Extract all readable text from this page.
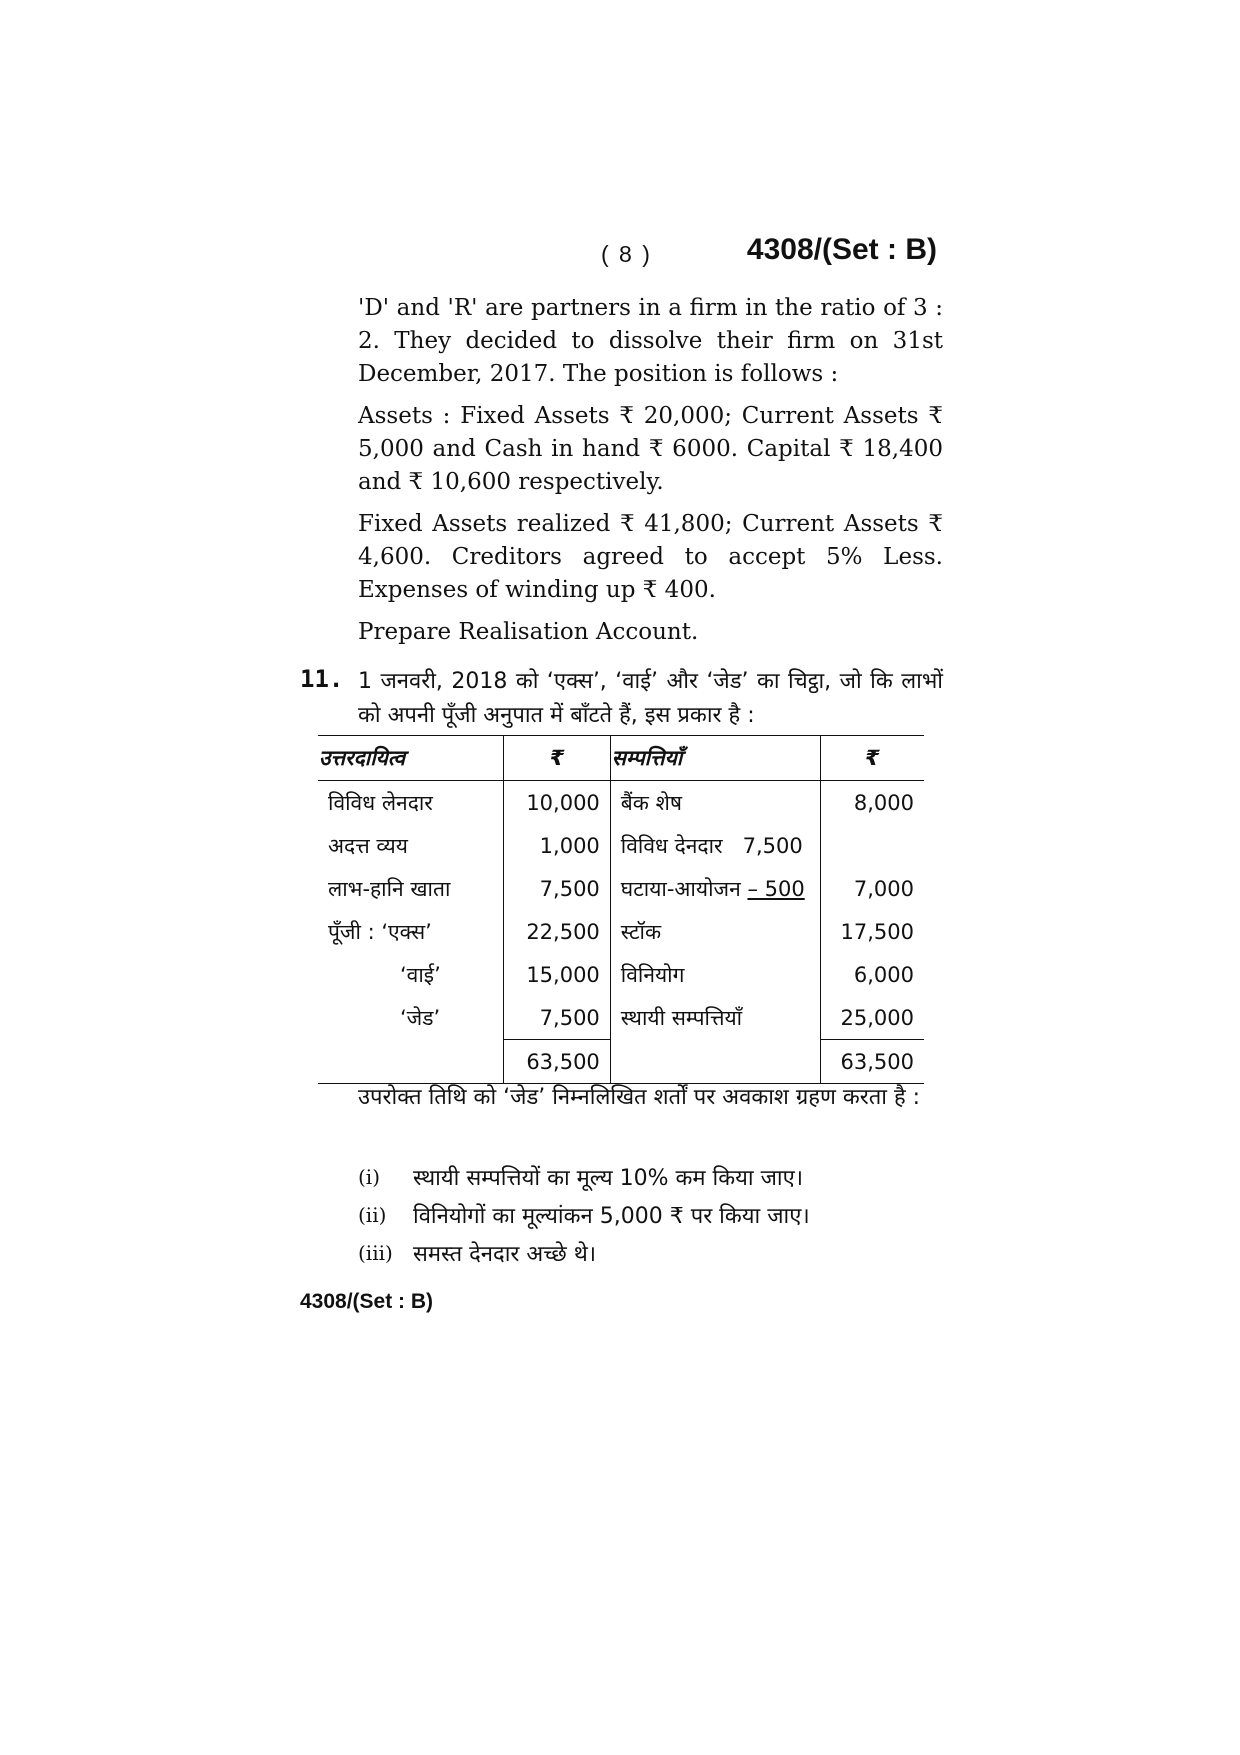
( 8 )	4308/(Set : B)

'D' and 'R' are partners in a firm in the ratio of 3 : 2. They decided to dissolve their firm on 31st December, 2017. The position is follows :

Assets : Fixed Assets ₹ 20,000; Current Assets ₹ 5,000 and Cash in hand ₹ 6000. Capital ₹ 18,400 and ₹ 10,600 respectively.

Fixed Assets realized ₹ 41,800; Current Assets ₹ 4,600. Creditors agreed to accept 5% Less. Expenses of winding up ₹ 400.

Prepare Realisation Account.

11. 1 जनवरी, 2018 को ‘एक्स’, ‘वाई’ और ‘जेड’ का चिट्ठा, जो कि लाभों को अपनी पूँजी अनुपात में बाँटते हैं, इस प्रकार है :
उत्तरदायित्व	₹	सम्पत्तियाँ	₹
विविध लेनदार	10,000	बैंक शेष	8,000
अदत्त व्यय	1,000	विविध देनदार 7,500	
लाभ-हानि खाता	7,500	घटाया-आयोजन – 500	7,000
पूँजी : ‘एक्स’	22,500	स्टॉक	17,500
‘वाई’	15,000	विनियोग	6,000
‘जेड’	7,500	स्थायी सम्पत्तियाँ	25,000
	63,500		63,500
उपरोक्त तिथि को ‘जेड’ निम्नलिखित शर्तों पर अवकाश ग्रहण करता है :
(i)	स्थायी सम्पत्तियों का मूल्य 10% कम किया जाए।
(ii)	विनियोगों का मूल्यांकन 5,000 ₹ पर किया जाए।
(iii) समस्त देनदार अच्छे थे।
4308/(Set : B)
